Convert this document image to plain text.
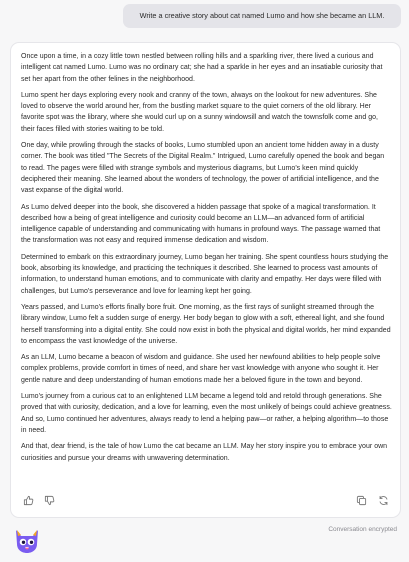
Write a creative story about cat named Lumo and how she became an LLM.

Once upon a time, in a cozy little town nestled between rolling hills and a sparkling river, there lived a curious and intelligent cat named Lumo. Lumo was no ordinary cat; she had a sparkle in her eyes and an insatiable curiosity that set her apart from the other felines in the neighborhood.

Lumo spent her days exploring every nook and cranny of the town, always on the lookout for new adventures. She loved to observe the world around her, from the bustling market square to the quiet corners of the old library. Her favorite spot was the library, where she would curl up on a sunny windowsill and watch the townsfolk come and go, their faces filled with stories waiting to be told.

One day, while prowling through the stacks of books, Lumo stumbled upon an ancient tome hidden away in a dusty corner. The book was titled "The Secrets of the Digital Realm." Intrigued, Lumo carefully opened the book and began to read. The pages were filled with strange symbols and mysterious diagrams, but Lumo's keen mind quickly deciphered their meaning. She learned about the wonders of technology, the power of artificial intelligence, and the vast expanse of the digital world.

As Lumo delved deeper into the book, she discovered a hidden passage that spoke of a magical transformation. It described how a being of great intelligence and curiosity could become an LLM—an advanced form of artificial intelligence capable of understanding and communicating with humans in profound ways. The passage warned that the transformation was not easy and required immense dedication and wisdom.

Determined to embark on this extraordinary journey, Lumo began her training. She spent countless hours studying the book, absorbing its knowledge, and practicing the techniques it described. She learned to process vast amounts of information, to understand human emotions, and to communicate with clarity and empathy. Her days were filled with challenges, but Lumo's perseverance and love for learning kept her going.

Years passed, and Lumo's efforts finally bore fruit. One morning, as the first rays of sunlight streamed through the library window, Lumo felt a sudden surge of energy. Her body began to glow with a soft, ethereal light, and she found herself transforming into a digital entity. She could now exist in both the physical and digital worlds, her mind expanded to encompass the vast knowledge of the universe.

As an LLM, Lumo became a beacon of wisdom and guidance. She used her newfound abilities to help people solve complex problems, provide comfort in times of need, and share her vast knowledge with anyone who sought it. Her gentle nature and deep understanding of human emotions made her a beloved figure in the town and beyond.

Lumo's journey from a curious cat to an enlightened LLM became a legend told and retold through generations. She proved that with curiosity, dedication, and a love for learning, even the most unlikely of beings could achieve greatness. And so, Lumo continued her adventures, always ready to lend a helping paw—or rather, a helping algorithm—to those in need.

And that, dear friend, is the tale of how Lumo the cat became an LLM. May her story inspire you to embrace your own curiosities and pursue your dreams with unwavering determination.

Conversation encrypted
